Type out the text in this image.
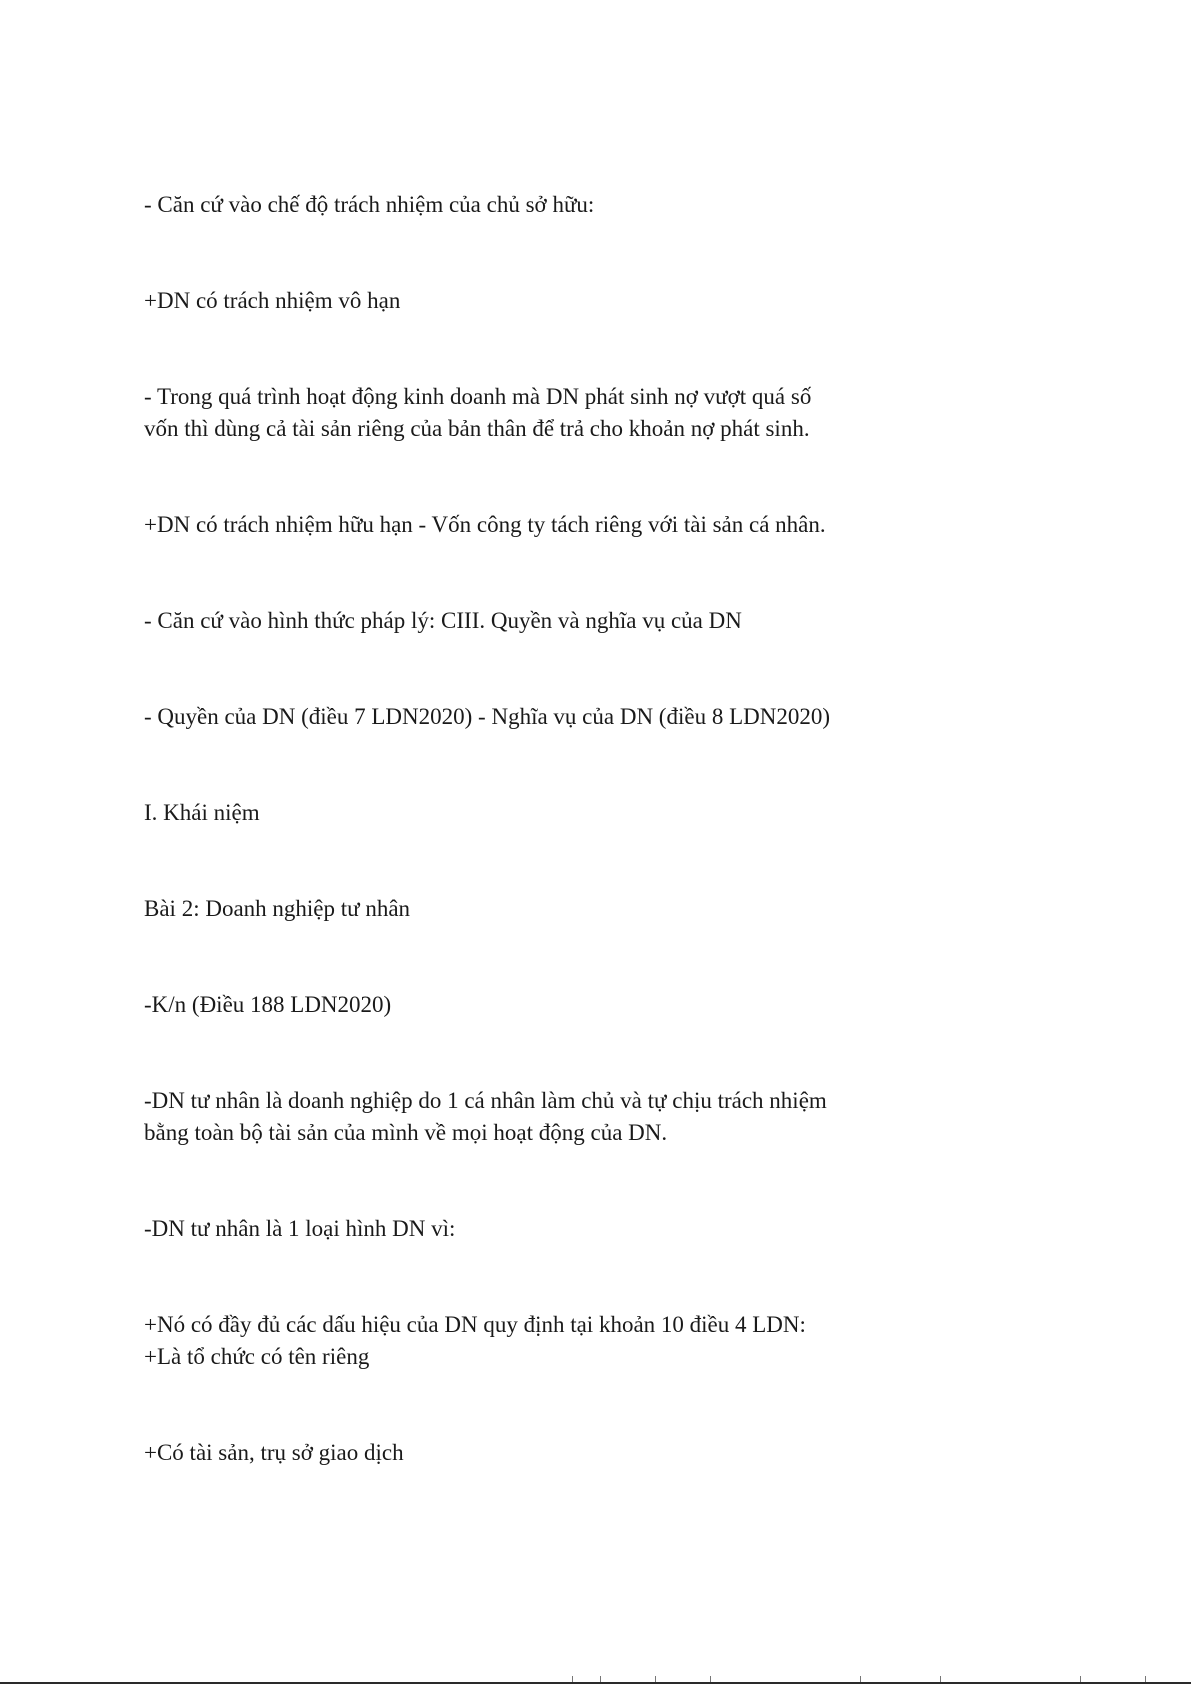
- Căn cứ vào chế độ trách nhiệm của chủ sở hữu:

+DN có trách nhiệm vô hạn

- Trong quá trình hoạt động kinh doanh mà DN phát sinh nợ vượt quá số
vốn thì dùng cả tài sản riêng của bản thân để trả cho khoản nợ phát sinh.

+DN có trách nhiệm hữu hạn - Vốn công ty tách riêng với tài sản cá nhân.

- Căn cứ vào hình thức pháp lý: CIII. Quyền và nghĩa vụ của DN

- Quyền của DN (điều 7 LDN2020) - Nghĩa vụ của DN (điều 8 LDN2020)

I. Khái niệm

Bài 2: Doanh nghiệp tư nhân

-K/n (Điều 188 LDN2020)

-DN tư nhân là doanh nghiệp do 1 cá nhân làm chủ và tự chịu trách nhiệm
bằng toàn bộ tài sản của mình về mọi hoạt động của DN.

-DN tư nhân là 1 loại hình DN vì:

+Nó có đầy đủ các dấu hiệu của DN quy định tại khoản 10 điều 4 LDN:
+Là tổ chức có tên riêng

+Có tài sản, trụ sở giao dịch
